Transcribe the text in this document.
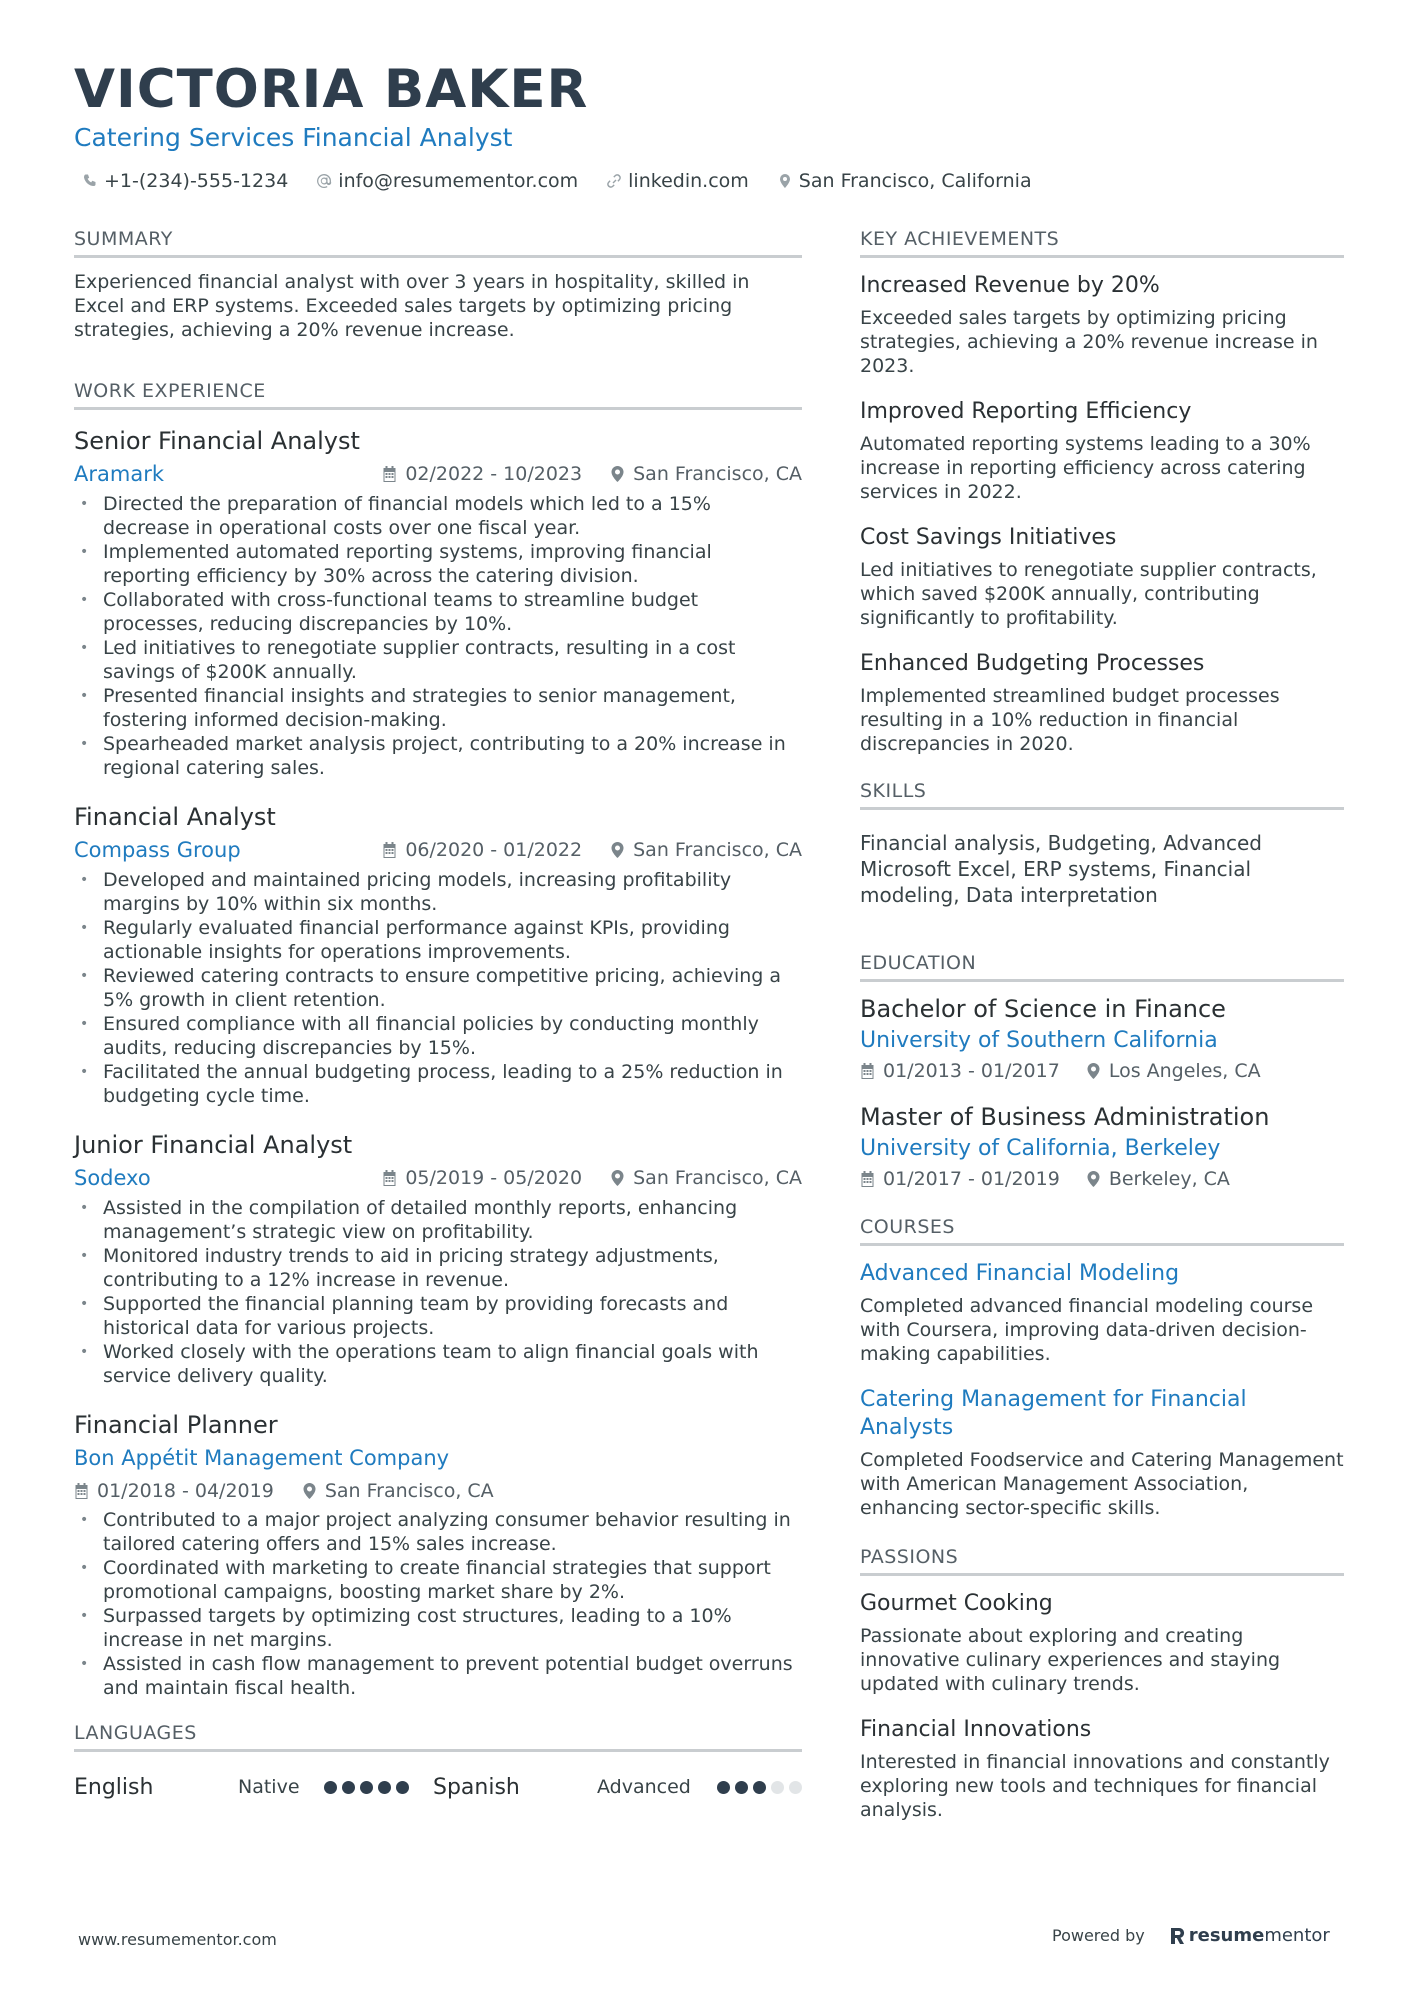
VICTORIA BAKER
Catering Services Financial Analyst
+1-(234)-555-1234	info@resumementor.com	linkedin.com	San Francisco, California
SUMMARY
Experienced financial analyst with over 3 years in hospitality, skilled in Excel and ERP systems. Exceeded sales targets by optimizing pricing strategies, achieving a 20% revenue increase.
WORK EXPERIENCE
Senior Financial Analyst
Aramark	02/2022 - 10/2023	San Francisco, CA
• Directed the preparation of financial models which led to a 15% decrease in operational costs over one fiscal year.
• Implemented automated reporting systems, improving financial reporting efficiency by 30% across the catering division.
• Collaborated with cross-functional teams to streamline budget processes, reducing discrepancies by 10%.
• Led initiatives to renegotiate supplier contracts, resulting in a cost savings of $200K annually.
• Presented financial insights and strategies to senior management, fostering informed decision-making.
• Spearheaded market analysis project, contributing to a 20% increase in regional catering sales.
Financial Analyst
Compass Group	06/2020 - 01/2022	San Francisco, CA
• Developed and maintained pricing models, increasing profitability margins by 10% within six months.
• Regularly evaluated financial performance against KPIs, providing actionable insights for operations improvements.
• Reviewed catering contracts to ensure competitive pricing, achieving a 5% growth in client retention.
• Ensured compliance with all financial policies by conducting monthly audits, reducing discrepancies by 15%.
• Facilitated the annual budgeting process, leading to a 25% reduction in budgeting cycle time.
Junior Financial Analyst
Sodexo	05/2019 - 05/2020	San Francisco, CA
• Assisted in the compilation of detailed monthly reports, enhancing management’s strategic view on profitability.
• Monitored industry trends to aid in pricing strategy adjustments, contributing to a 12% increase in revenue.
• Supported the financial planning team by providing forecasts and historical data for various projects.
• Worked closely with the operations team to align financial goals with service delivery quality.
Financial Planner
Bon Appétit Management Company
01/2018 - 04/2019	San Francisco, CA
• Contributed to a major project analyzing consumer behavior resulting in tailored catering offers and 15% sales increase.
• Coordinated with marketing to create financial strategies that support promotional campaigns, boosting market share by 2%.
• Surpassed targets by optimizing cost structures, leading to a 10% increase in net margins.
• Assisted in cash flow management to prevent potential budget overruns and maintain fiscal health.
LANGUAGES
English	Native	Spanish	Advanced
KEY ACHIEVEMENTS
Increased Revenue by 20%
Exceeded sales targets by optimizing pricing strategies, achieving a 20% revenue increase in 2023.
Improved Reporting Efficiency
Automated reporting systems leading to a 30% increase in reporting efficiency across catering services in 2022.
Cost Savings Initiatives
Led initiatives to renegotiate supplier contracts, which saved $200K annually, contributing significantly to profitability.
Enhanced Budgeting Processes
Implemented streamlined budget processes resulting in a 10% reduction in financial discrepancies in 2020.
SKILLS
Financial analysis, Budgeting, Advanced Microsoft Excel, ERP systems, Financial modeling, Data interpretation
EDUCATION
Bachelor of Science in Finance
University of Southern California
01/2013 - 01/2017	Los Angeles, CA
Master of Business Administration
University of California, Berkeley
01/2017 - 01/2019	Berkeley, CA
COURSES
Advanced Financial Modeling
Completed advanced financial modeling course with Coursera, improving data-driven decision-making capabilities.
Catering Management for Financial Analysts
Completed Foodservice and Catering Management with American Management Association, enhancing sector-specific skills.
PASSIONS
Gourmet Cooking
Passionate about exploring and creating innovative culinary experiences and staying updated with culinary trends.
Financial Innovations
Interested in financial innovations and constantly exploring new tools and techniques for financial analysis.
www.resumementor.com	Powered by resumementor
